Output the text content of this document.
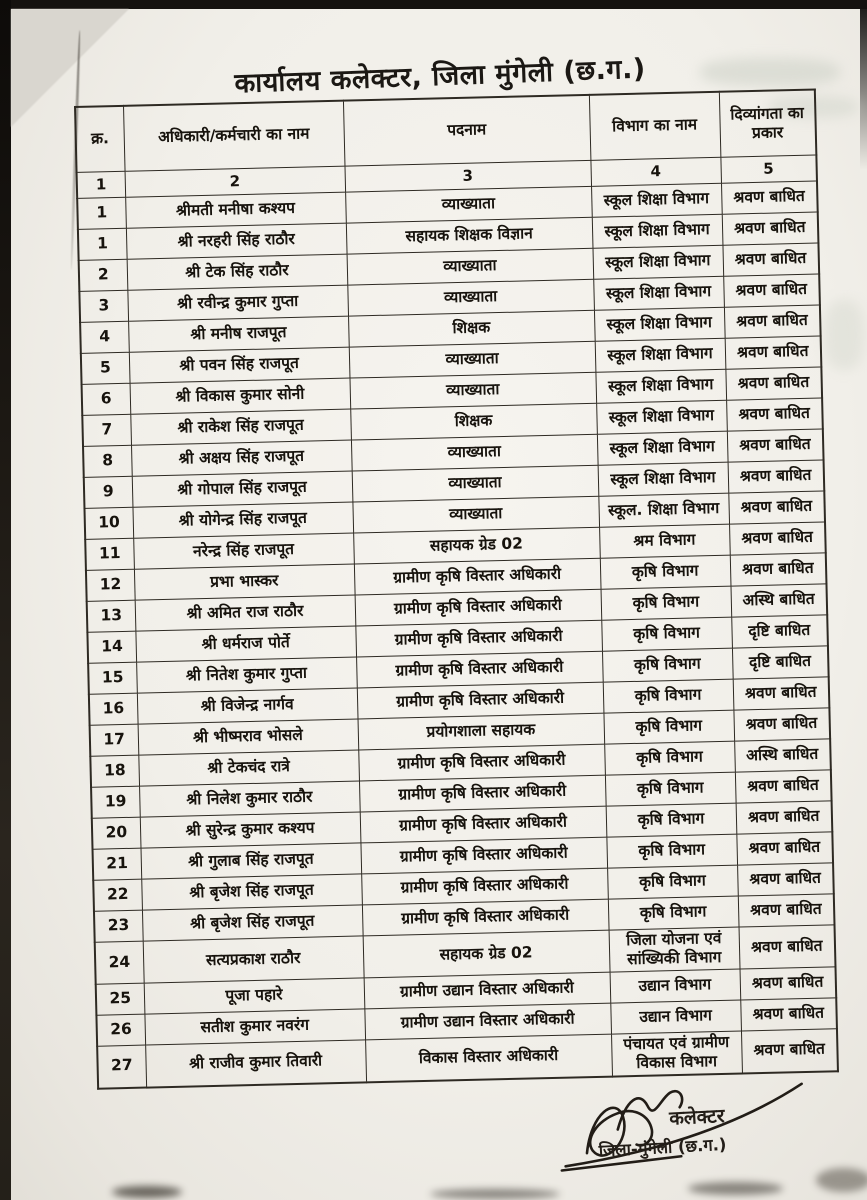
कार्यालय कलेक्टर, जिला मुंगेली (छ.ग.)
क्र.	अधिकारी/कर्मचारी का नाम	पदनाम	विभाग का नाम	दिव्यांगता का प्रकार
1	2	3	4	5
1	श्रीमती मनीषा कश्यप	व्याख्याता	स्कूल शिक्षा विभाग	श्रवण बाधित
1	श्री नरहरी सिंह राठौर	सहायक शिक्षक विज्ञान	स्कूल शिक्षा विभाग	श्रवण बाधित
2	श्री टेक सिंह राठौर	व्याख्याता	स्कूल शिक्षा विभाग	श्रवण बाधित
3	श्री रवीन्द्र कुमार गुप्ता	व्याख्याता	स्कूल शिक्षा विभाग	श्रवण बाधित
4	श्री मनीष राजपूत	शिक्षक	स्कूल शिक्षा विभाग	श्रवण बाधित
5	श्री पवन सिंह राजपूत	व्याख्याता	स्कूल शिक्षा विभाग	श्रवण बाधित
6	श्री विकास कुमार सोनी	व्याख्याता	स्कूल शिक्षा विभाग	श्रवण बाधित
7	श्री राकेश सिंह राजपूत	शिक्षक	स्कूल शिक्षा विभाग	श्रवण बाधित
8	श्री अक्षय सिंह राजपूत	व्याख्याता	स्कूल शिक्षा विभाग	श्रवण बाधित
9	श्री गोपाल सिंह राजपूत	व्याख्याता	स्कूल शिक्षा विभाग	श्रवण बाधित
10	श्री योगेन्द्र सिंह राजपूत	व्याख्याता	स्कूल. शिक्षा विभाग	श्रवण बाधित
11	नरेन्द्र सिंह राजपूत	सहायक ग्रेड 02	श्रम विभाग	श्रवण बाधित
12	प्रभा भास्कर	ग्रामीण कृषि विस्तार अधिकारी	कृषि विभाग	श्रवण बाधित
13	श्री अमित राज राठौर	ग्रामीण कृषि विस्तार अधिकारी	कृषि विभाग	अस्थि बाधित
14	श्री धर्मराज पोर्ते	ग्रामीण कृषि विस्तार अधिकारी	कृषि विभाग	दृष्टि बाधित
15	श्री नितेश कुमार गुप्ता	ग्रामीण कृषि विस्तार अधिकारी	कृषि विभाग	दृष्टि बाधित
16	श्री विजेन्द्र नार्गव	ग्रामीण कृषि विस्तार अधिकारी	कृषि विभाग	श्रवण बाधित
17	श्री भीष्मराव भोसले	प्रयोगशाला सहायक	कृषि विभाग	श्रवण बाधित
18	श्री टेकचंद रात्रे	ग्रामीण कृषि विस्तार अधिकारी	कृषि विभाग	अस्थि बाधित
19	श्री निलेश कुमार राठौर	ग्रामीण कृषि विस्तार अधिकारी	कृषि विभाग	श्रवण बाधित
20	श्री सुरेन्द्र कुमार कश्यप	ग्रामीण कृषि विस्तार अधिकारी	कृषि विभाग	श्रवण बाधित
21	श्री गुलाब सिंह राजपूत	ग्रामीण कृषि विस्तार अधिकारी	कृषि विभाग	श्रवण बाधित
22	श्री बृजेश सिंह राजपूत	ग्रामीण कृषि विस्तार अधिकारी	कृषि विभाग	श्रवण बाधित
23	श्री बृजेश सिंह राजपूत	ग्रामीण कृषि विस्तार अधिकारी	कृषि विभाग	श्रवण बाधित
24	सत्यप्रकाश राठौर	सहायक ग्रेड 02	जिला योजना एवं सांख्यिकी विभाग	श्रवण बाधित
25	पूजा पहारे	ग्रामीण उद्यान विस्तार अधिकारी	उद्यान विभाग	श्रवण बाधित
26	सतीश कुमार नवरंग	ग्रामीण उद्यान विस्तार अधिकारी	उद्यान विभाग	श्रवण बाधित
27	श्री राजीव कुमार तिवारी	विकास विस्तार अधिकारी	पंचायत एवं ग्रामीण विकास विभाग	श्रवण बाधित
कलेक्टर
जिला-मुंगेली (छ.ग.)
